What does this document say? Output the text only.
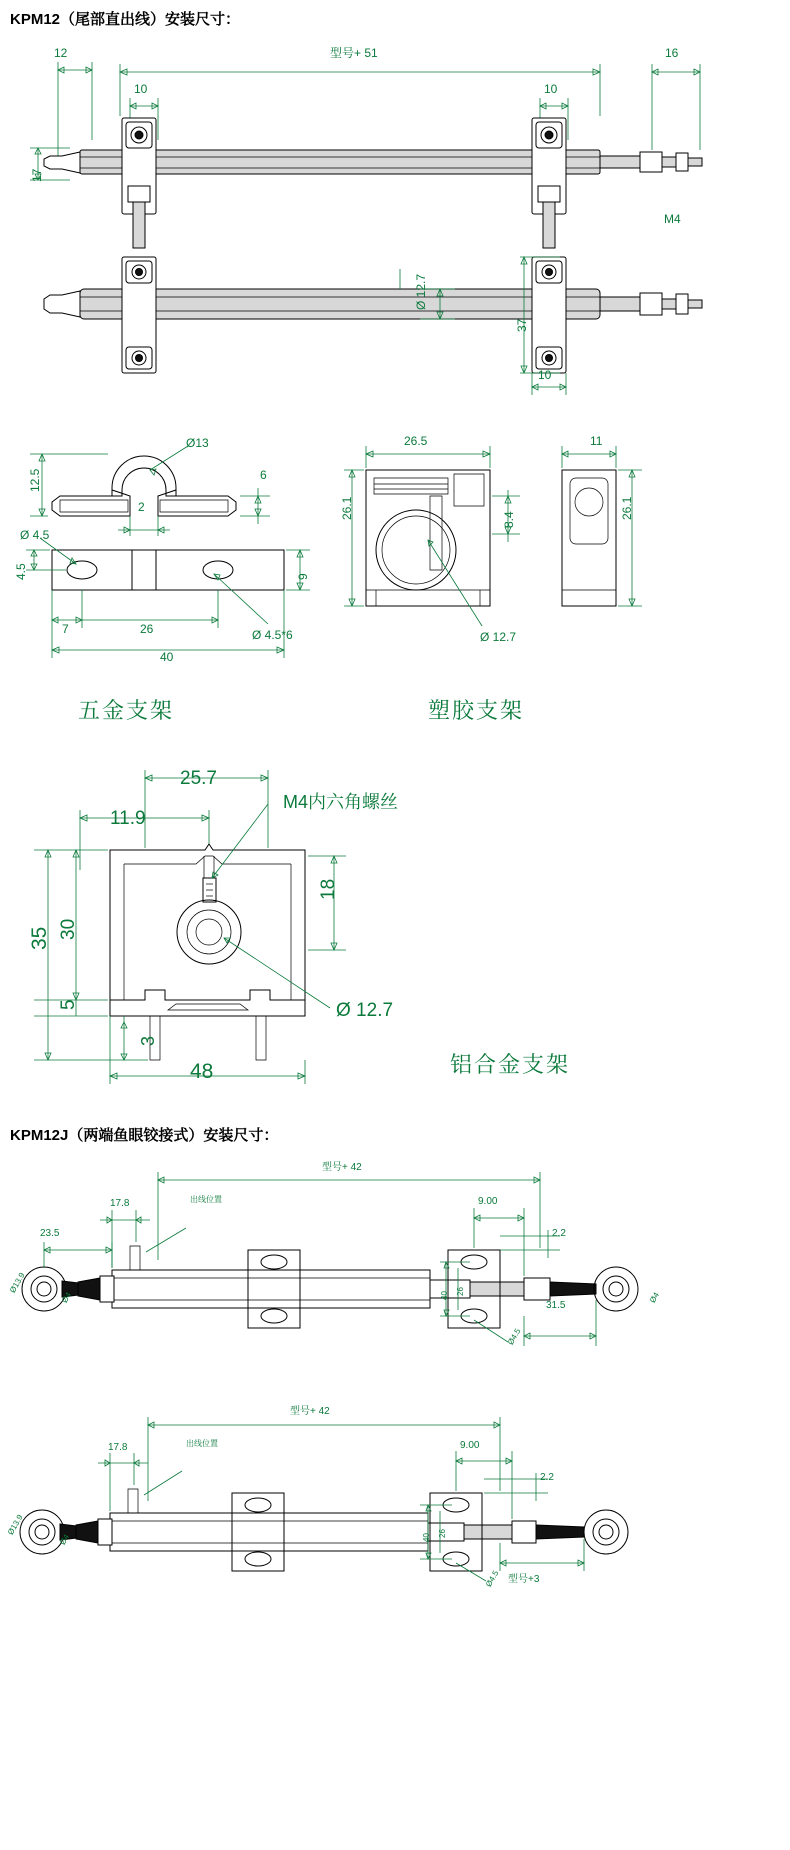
KPM12（尾部直出线）安装尺寸：
12	型号+ 51	16
10	10
17
M4
Ø 12.7
37
10
Ø13
12.5	6
2
Ø 4.5
4.5	9
7	26
40
Ø 4.5*6
26.5
26.1	8.4
Ø 12.7
11
26.1
五金支架	塑胶支架
25.7
11.9
M4内六角螺丝
18
35 30
5
3
48
Ø 12.7
铝合金支架
KPM12J（两端鱼眼铰接式）安装尺寸：
型号+ 42
17.8	出线位置
23.5
9.00
2.2
40 26
31.5
Ø13.9
Ø4	Ø4
Ø4.5
型号+ 42
17.8	出线位置	9.00
2.2
40 26
Ø13.9
Ø4
Ø4.5 型号+3
